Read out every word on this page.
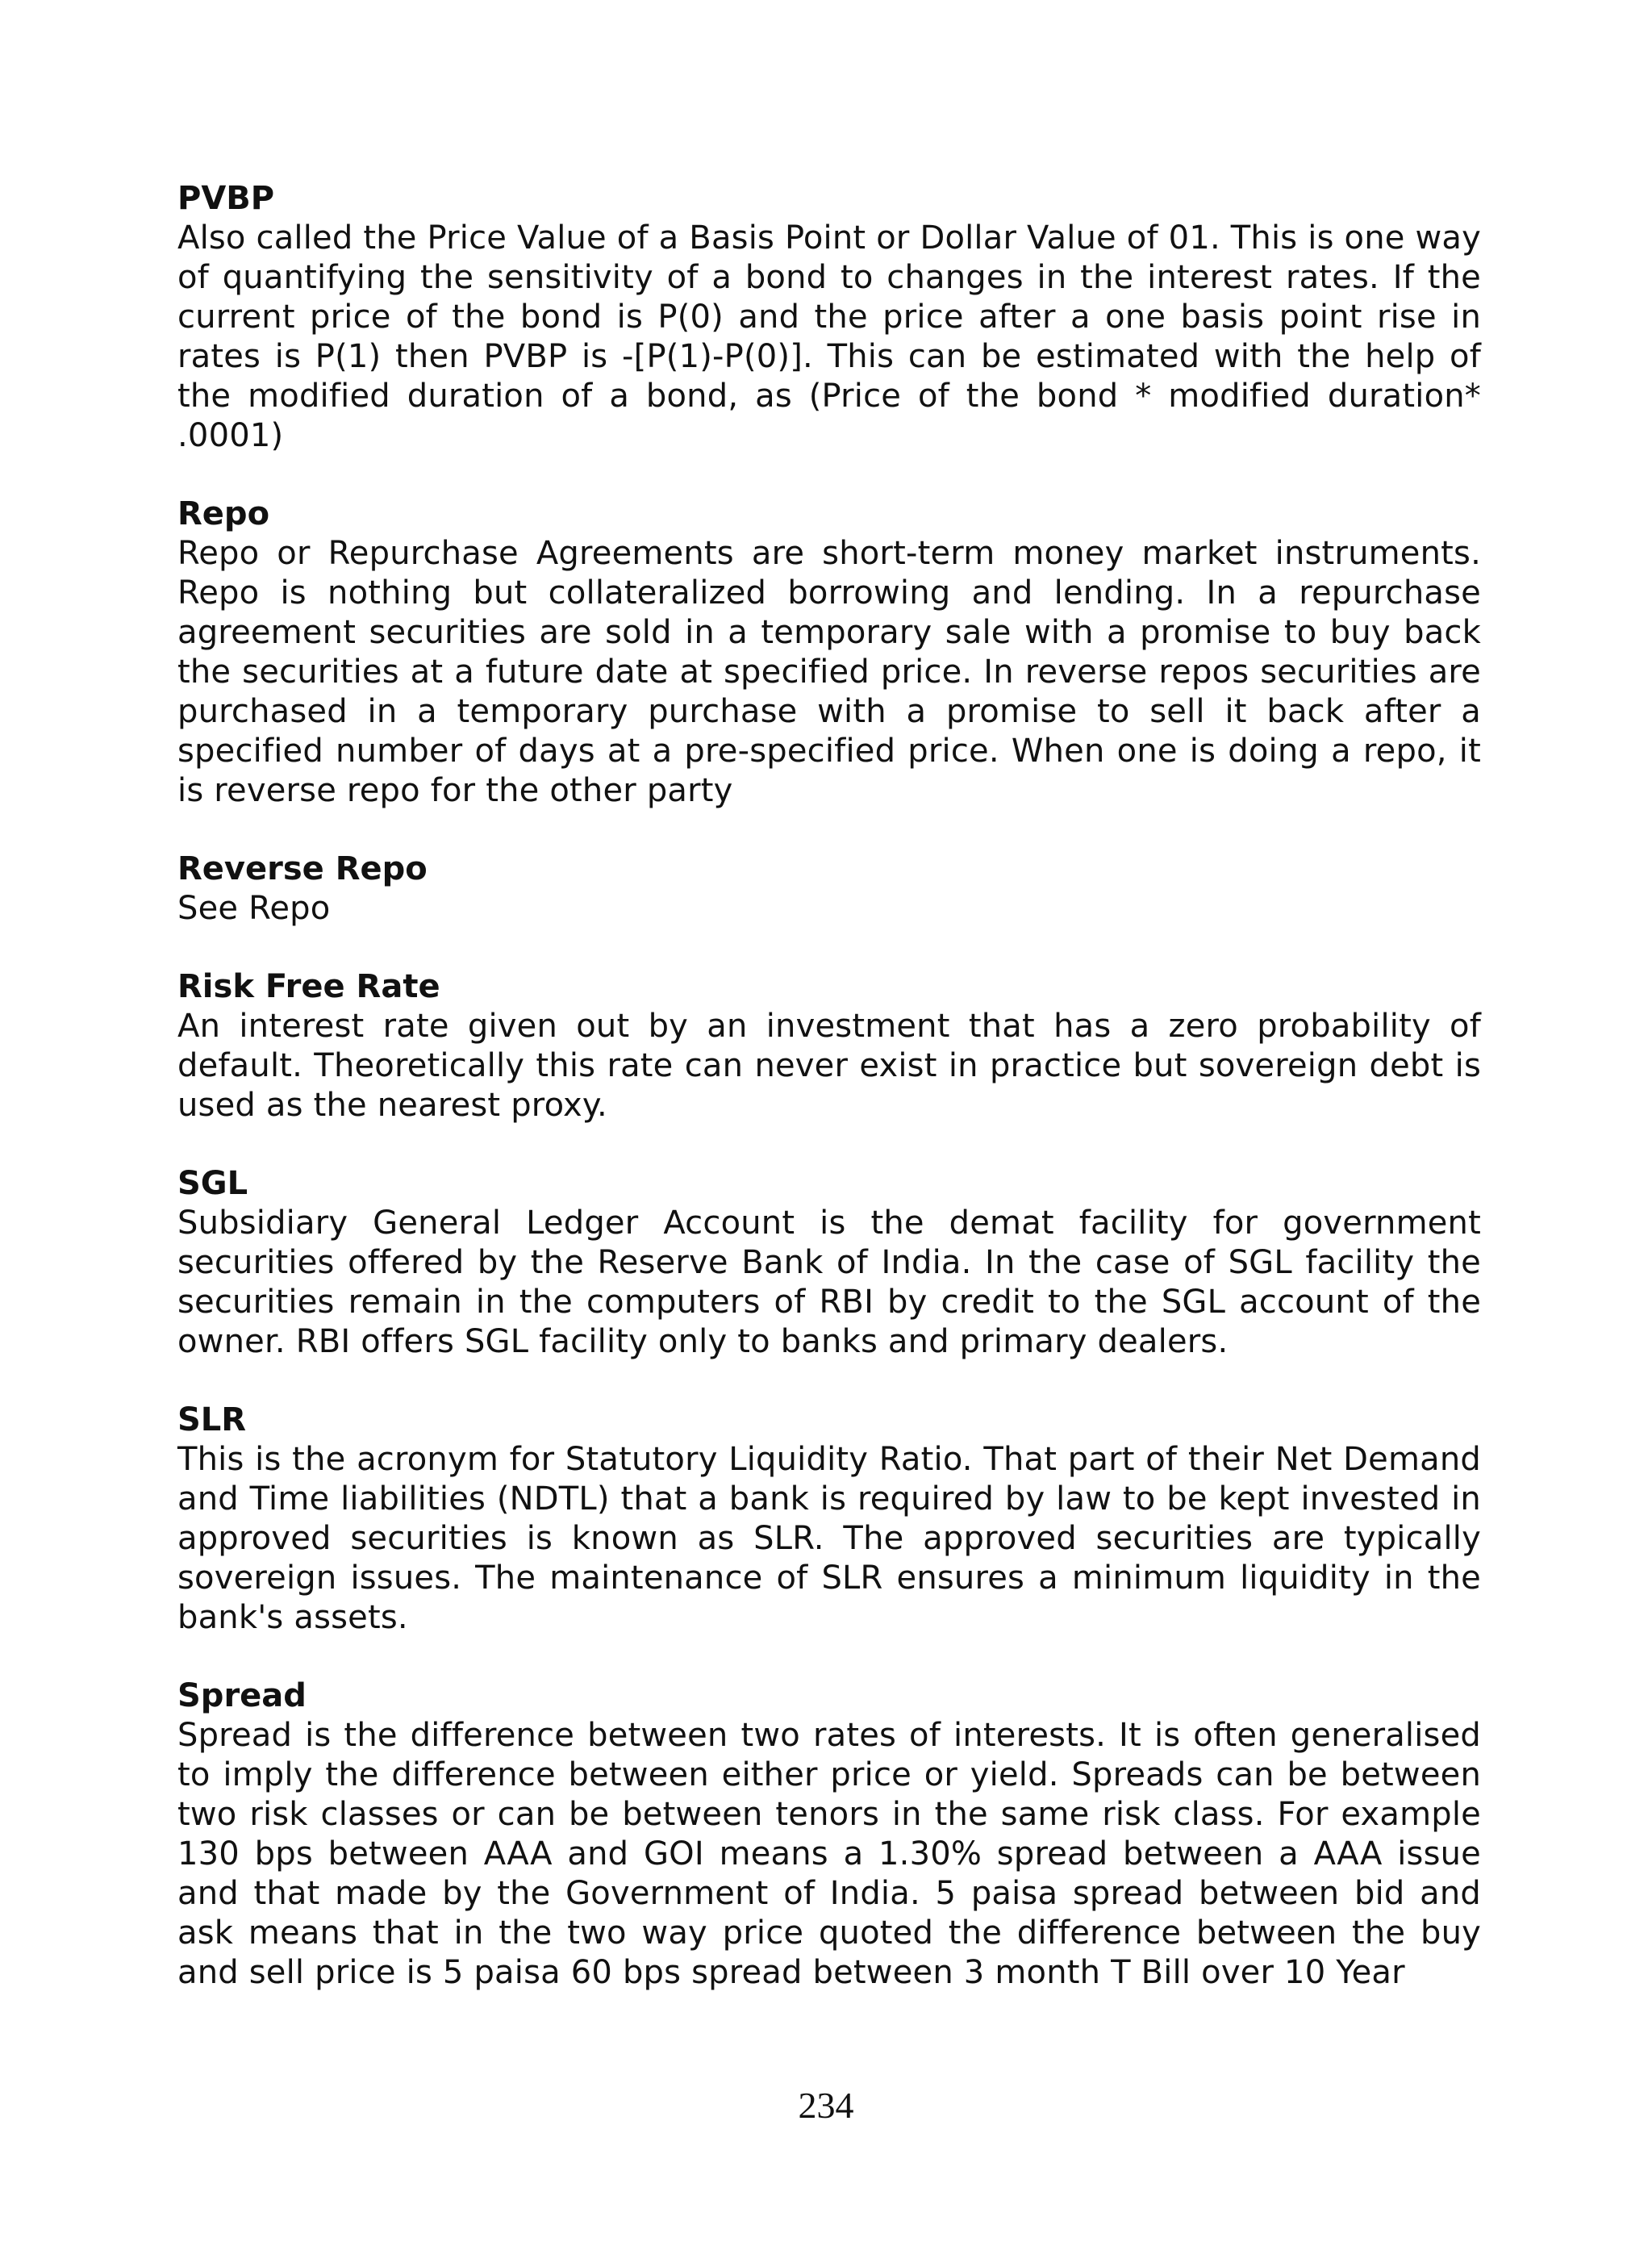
PVBP

Also called the Price Value of a Basis Point or Dollar Value of 01. This is one way of quantifying the sensitivity of a bond to changes in the interest rates. If the current price of the bond is P(0) and the price after a one basis point rise in rates is P(1) then PVBP is -[P(1)-P(0)]. This can be estimated with the help of the modified duration of a bond, as (Price of the bond * modified duration* .0001)

Repo

Repo or Repurchase Agreements are short-term money market instruments. Repo is nothing but collateralized borrowing and lending. In a repurchase agreement securities are sold in a temporary sale with a promise to buy back the securities at a future date at specified price. In reverse repos securities are purchased in a temporary purchase with a promise to sell it back after a specified number of days at a pre-specified price. When one is doing a repo, it is reverse repo for the other party

Reverse Repo

See Repo

Risk Free Rate

An interest rate given out by an investment that has a zero probability of default. Theoretically this rate can never exist in practice but sovereign debt is used as the nearest proxy.

SGL

Subsidiary General Ledger Account is the demat facility for government securities offered by the Reserve Bank of India. In the case of SGL facility the securities remain in the computers of RBI by credit to the SGL account of the owner. RBI offers SGL facility only to banks and primary dealers.

SLR

This is the acronym for Statutory Liquidity Ratio. That part of their Net Demand and Time liabilities (NDTL) that a bank is required by law to be kept invested in approved securities is known as SLR. The approved securities are typically sovereign issues. The maintenance of SLR ensures a minimum liquidity in the bank's assets.

Spread

Spread is the difference between two rates of interests. It is often generalised to imply the difference between either price or yield. Spreads can be between two risk classes or can be between tenors in the same risk class. For example 130 bps between AAA and GOI means a 1.30% spread between a AAA issue and that made by the Government of India. 5 paisa spread between bid and ask means that in the two way price quoted the difference between the buy and sell price is 5 paisa 60 bps spread between 3 month T Bill over 10 Year

234
